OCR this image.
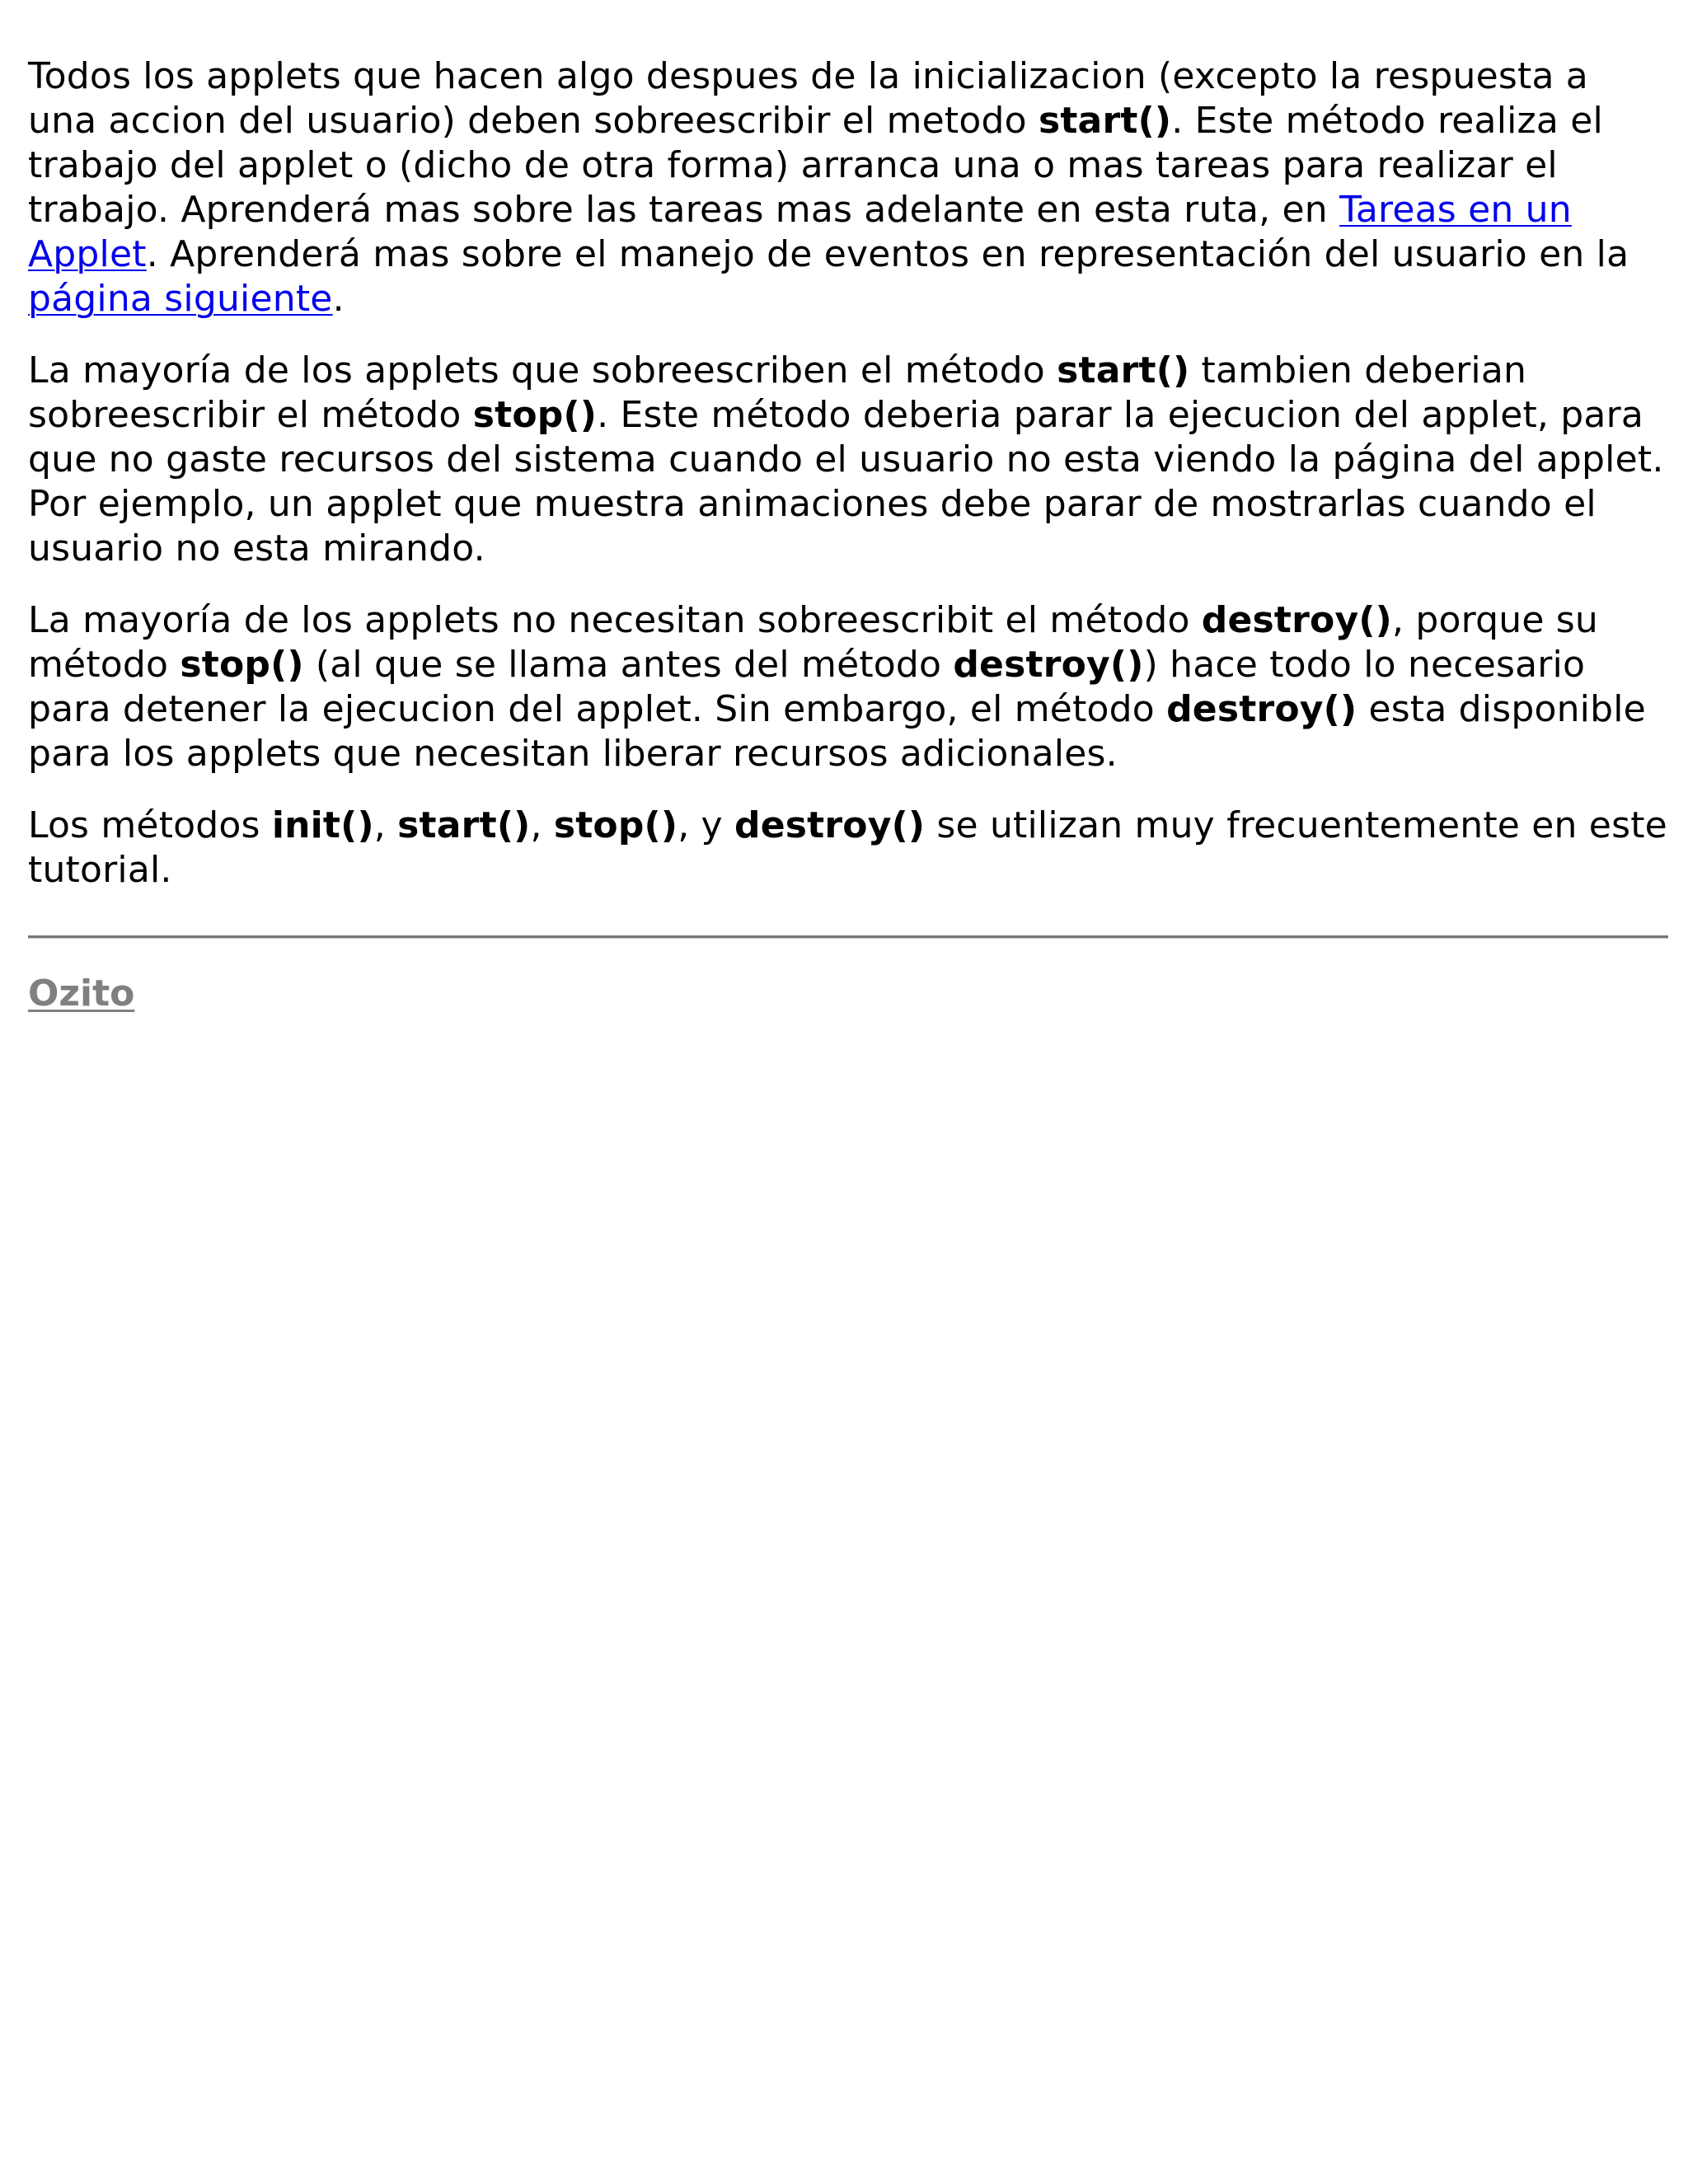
Todos los applets que hacen algo despues de la inicializacion (excepto la respuesta a una accion del usuario) deben sobreescribir el metodo start(). Este método realiza el trabajo del applet o (dicho de otra forma) arranca una o mas tareas para realizar el trabajo. Aprenderá mas sobre las tareas mas adelante en esta ruta, en Tareas en un Applet. Aprenderá mas sobre el manejo de eventos en representación del usuario en la página siguiente.

La mayoría de los applets que sobreescriben el método start() tambien deberian sobreescribir el método stop(). Este método deberia parar la ejecucion del applet, para que no gaste recursos del sistema cuando el usuario no esta viendo la página del applet. Por ejemplo, un applet que muestra animaciones debe parar de mostrarlas cuando el usuario no esta mirando.

La mayoría de los applets no necesitan sobreescribit el método destroy(), porque su método stop() (al que se llama antes del método destroy()) hace todo lo necesario para detener la ejecucion del applet. Sin embargo, el método destroy() esta disponible para los applets que necesitan liberar recursos adicionales.

Los métodos init(), start(), stop(), y destroy() se utilizan muy frecuentemente en este tutorial.

Ozito
